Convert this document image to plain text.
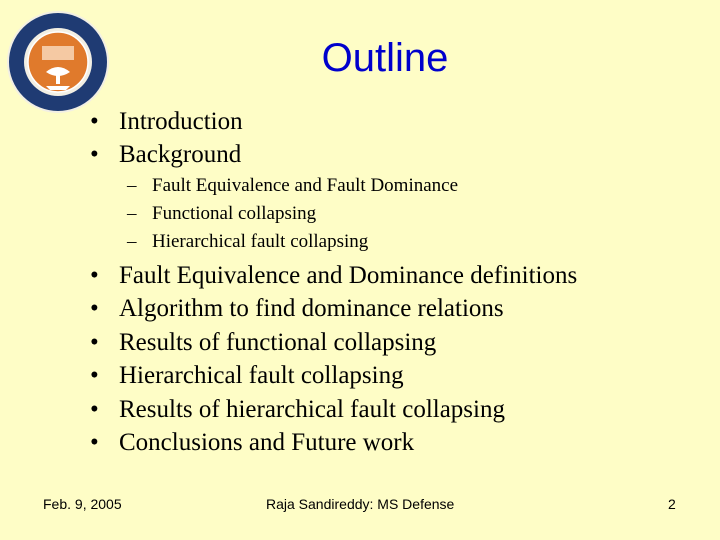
Outline
• Introduction
• Background
– Fault Equivalence and Fault Dominance
– Functional collapsing
– Hierarchical fault collapsing
• Fault Equivalence and Dominance definitions
• Algorithm to find dominance relations
• Results of functional collapsing
• Hierarchical fault collapsing
• Results of hierarchical fault collapsing
• Conclusions and Future work
Feb. 9, 2005	Raja Sandireddy: MS Defense	2
